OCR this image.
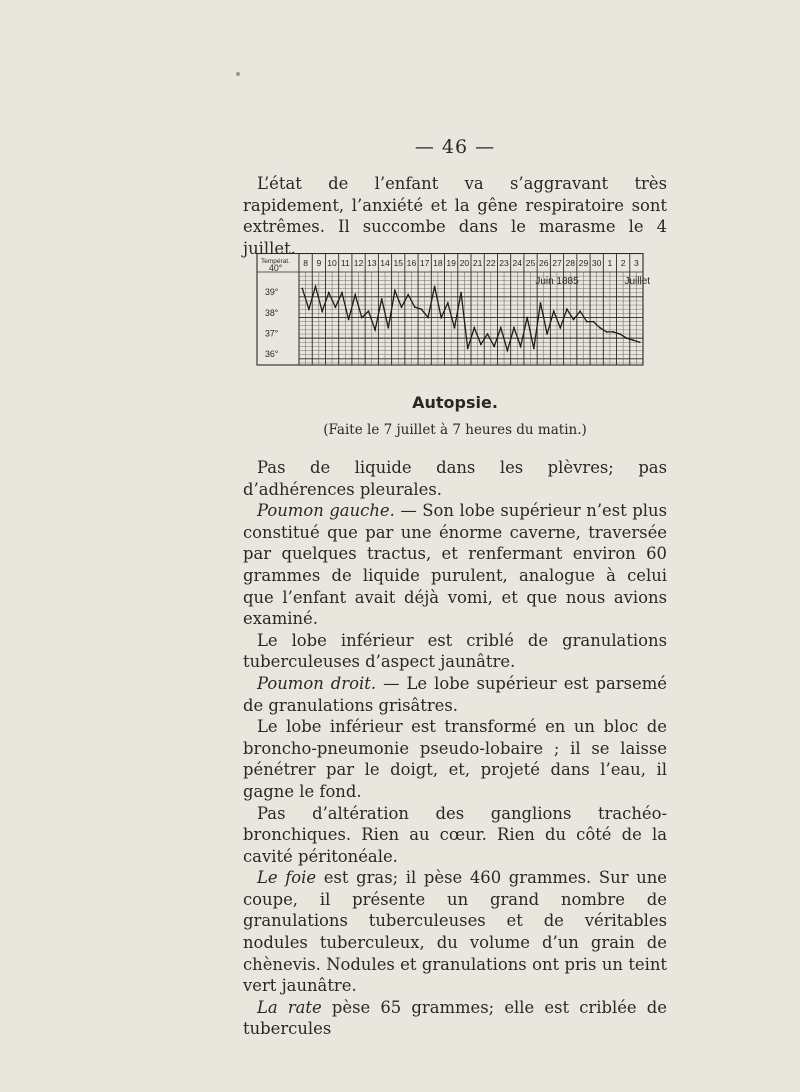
— 46 —

L’état de l’enfant va s’aggravant très rapidement, l’anxiété et la gêne respiratoire sont extrêmes. Il succombe dans le marasme le 4 juillet.

8 9 10 11 12 13 14 15 16 17 18 19 20 21 22 23 24 25 26 27 28 29 30 1 2 3
Températ.
40°
39°
38°
37°
36°
Juin 1885	Juillet
Autopsie.
(Faite le 7 juillet à 7 heures du matin.)

Pas de liquide dans les plèvres; pas d’adhérences pleurales.

Poumon gauche. — Son lobe supérieur n’est plus constitué que par une énorme caverne, traversée par quelques tractus, et renfermant environ 60 grammes de liquide purulent, analogue à celui que l’enfant avait déjà vomi, et que nous avions examiné.

Le lobe inférieur est criblé de granulations tuberculeuses d’aspect jaunâtre.

Poumon droit. — Le lobe supérieur est parsemé de granulations grisâtres.

Le lobe inférieur est transformé en un bloc de broncho-pneumonie pseudo-lobaire ; il se laisse pénétrer par le doigt, et, projeté dans l’eau, il gagne le fond.

Pas d’altération des ganglions trachéo-bronchiques. Rien au cœur. Rien du côté de la cavité péritonéale.

Le foie est gras; il pèse 460 grammes. Sur une coupe, il présente un grand nombre de granulations tuberculeuses et de véritables nodules tuberculeux, du volume d’un grain de chènevis. Nodules et granulations ont pris un teint vert jaunâtre.

La rate pèse 65 grammes; elle est criblée de tubercules
